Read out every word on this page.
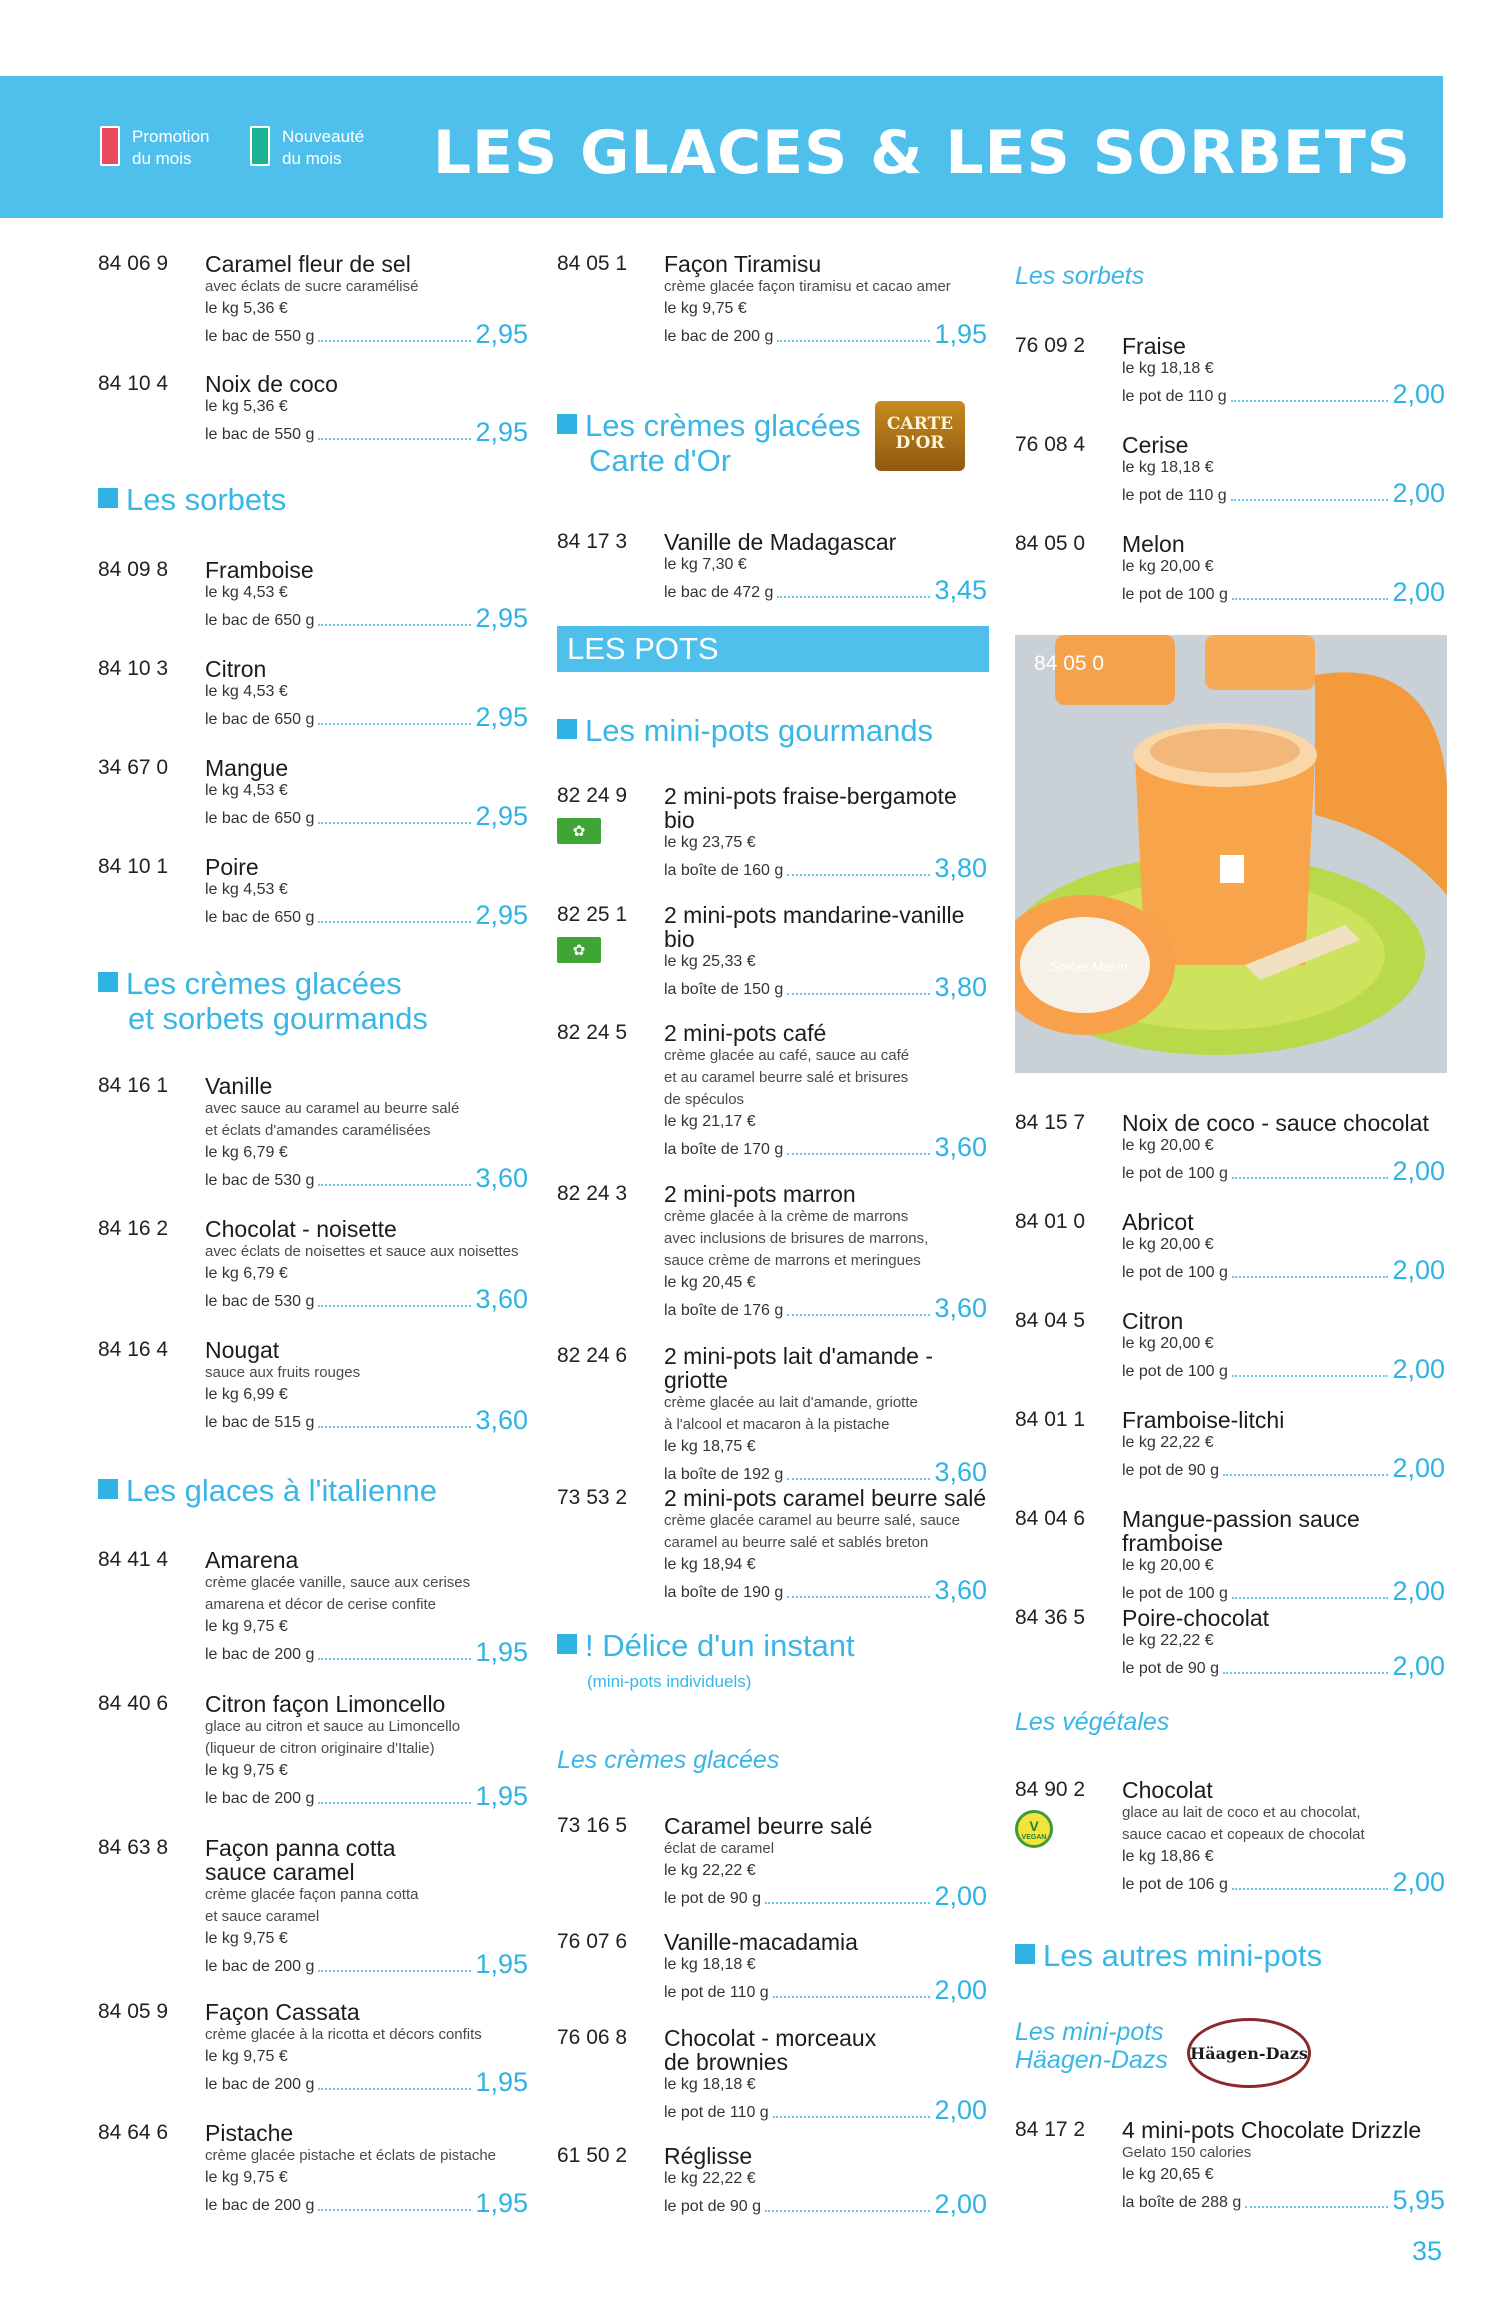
Promotion
du mois
Nouveauté
du mois	LES GLACES & LES SORBETS
84 06 9 Caramel fleur de sel
avec éclats de sucre caramélisé
le kg 5,36 €
le bac de 550 g	2,95
84 10 4 Noix de coco
le kg 5,36 €
le bac de 550 g	2,95
Les sorbets
84 09 8 Framboise
le kg 4,53 €
le bac de 650 g	2,95
84 10 3 Citron
le kg 4,53 €
le bac de 650 g	2,95
34 67 0 Mangue
le kg 4,53 €
le bac de 650 g	2,95
84 10 1 Poire
le kg 4,53 €
le bac de 650 g	2,95
Les crèmes glacées
et sorbets gourmands
84 16 1 Vanille
avec sauce au caramel au beurre salé
et éclats d'amandes caramélisées
le kg 6,79 €
le bac de 530 g	3,60
84 16 2 Chocolat - noisette
avec éclats de noisettes et sauce aux noisettes
le kg 6,79 €
le bac de 530 g	3,60
84 16 4 Nougat
sauce aux fruits rouges
le kg 6,99 €
le bac de 515 g	3,60
Les glaces à l'italienne
84 41 4 Amarena
crème glacée vanille, sauce aux cerises
amarena et décor de cerise confite
le kg 9,75 €
le bac de 200 g	1,95
84 40 6 Citron façon Limoncello
glace au citron et sauce au Limoncello
(liqueur de citron originaire d'Italie)
le kg 9,75 €
le bac de 200 g	1,95
84 63 8 Façon panna cotta
sauce caramel
crème glacée façon panna cotta
et sauce caramel
le kg 9,75 €
le bac de 200 g	1,95
84 05 9 Façon Cassata
crème glacée à la ricotta et décors confits
le kg 9,75 €
le bac de 200 g	1,95
84 64 6 Pistache
crème glacée pistache et éclats de pistache
le kg 9,75 €
le bac de 200 g	1,95
84 05 1 Façon Tiramisu
crème glacée façon tiramisu et cacao amer
le kg 9,75 €
le bac de 200 g	1,95
Les crèmes glacées
Carte d'Or
CARTE D'OR
84 17 3 Vanille de Madagascar
le kg 7,30 €
le bac de 472 g	3,45
LES POTS
Les mini-pots gourmands
82 24 9
✿
2 mini-pots fraise-bergamote
bio
le kg 23,75 €
la boîte de 160 g	3,80
82 25 1
✿
2 mini-pots mandarine-vanille
bio
le kg 25,33 €
la boîte de 150 g	3,80
82 24 5 2 mini-pots café
crème glacée au café, sauce au café
et au caramel beurre salé et brisures
de spéculos
le kg 21,17 €
la boîte de 170 g	3,60
82 24 3 2 mini-pots marron
crème glacée à la crème de marrons
avec inclusions de brisures de marrons,
sauce crème de marrons et meringues
le kg 20,45 €
la boîte de 176 g	3,60
82 24 6 2 mini-pots lait d'amande - griotte
crème glacée au lait d'amande, griotte
à l'alcool et macaron à la pistache
le kg 18,75 €
la boîte de 192 g	3,60
73 53 2 2 mini-pots caramel beurre salé
crème glacée caramel au beurre salé, sauce
caramel au beurre salé et sablés breton
le kg 18,94 €
la boîte de 190 g	3,60
! Délice d'un instant
(mini-pots individuels)
Les crèmes glacées
73 16 5 Caramel beurre salé
éclat de caramel
le kg 22,22 €
le pot de 90 g	2,00
76 07 6 Vanille-macadamia
le kg 18,18 €
le pot de 110 g	2,00
76 06 8 Chocolat - morceaux
de brownies
le kg 18,18 €
le pot de 110 g	2,00
61 50 2 Réglisse
le kg 22,22 €
le pot de 90 g	2,00
Les sorbets
76 09 2 Fraise
le kg 18,18 €
le pot de 110 g	2,00
76 08 4 Cerise
le kg 18,18 €
le pot de 110 g	2,00
84 05 0 Melon
le kg 20,00 €
le pot de 100 g	2,00
84 15 7 Noix de coco - sauce chocolat
le kg 20,00 €
le pot de 100 g	2,00
84 01 0 Abricot
le kg 20,00 €
le pot de 100 g	2,00
84 04 5 Citron
le kg 20,00 €
le pot de 100 g	2,00
84 01 1 Framboise-litchi
le kg 22,22 €
le pot de 90 g	2,00
84 04 6 Mangue-passion sauce framboise
le kg 20,00 €
le pot de 100 g	2,00
84 36 5 Poire-chocolat
le kg 22,22 €
le pot de 90 g	2,00
Les végétales
84 90 2
V
VEGAN
Chocolat
glace au lait de coco et au chocolat,
sauce cacao et copeaux de chocolat
le kg 18,86 €
le pot de 106 g	2,00
Les autres mini-pots
Les mini-pots
Häagen-Dazs Häagen-Dazs
84 17 2 4 mini-pots Chocolate Drizzle
Gelato 150 calories
le kg 20,65 €
la boîte de 288 g	5,95
84 05 0
Sorbet Melon
35
